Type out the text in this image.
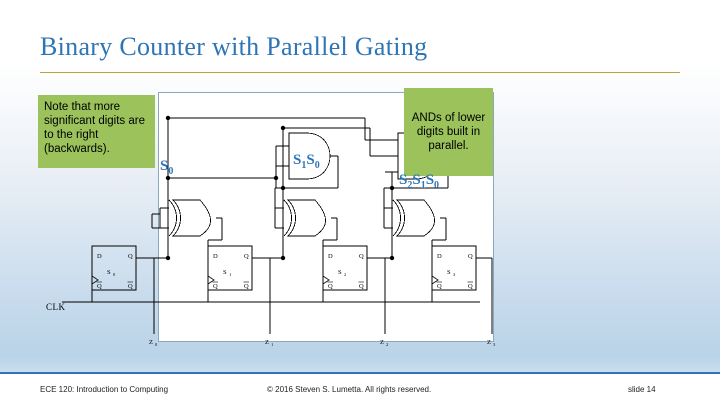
Binary Counter with Parallel Gating
D	Q
Q	Q
S 0
D	Q
Q	Q
S 1
D	Q
Q	Q
S 2
D	Q
Q	Q
S 3
Z 0	Z 1	Z 2	Z 3
CLK
Note that more significant digits are to the right (backwards).
ANDs of lower digits built in parallel.
$S_0$
$S_1S_0$
$S_2S_1S_0$
ECE 120: Introduction to Computing	© 2016 Steven S. Lumetta. All rights reserved.	slide 14
